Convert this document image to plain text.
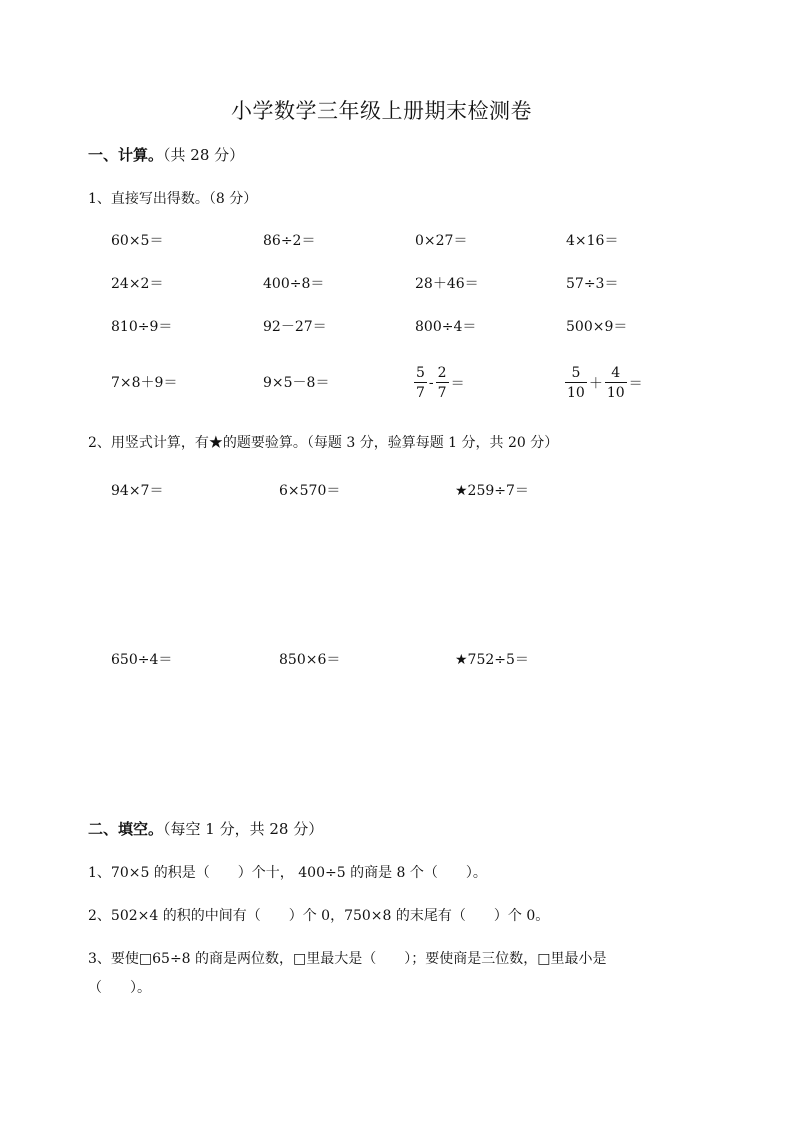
小学数学三年级上册期末检测卷
一、计算。（共 28 分）
1、直接写出得数。（8 分）
60×5＝	86÷2＝	0×27＝	4×16＝
24×2＝	400÷8＝	28＋46＝	57÷3＝
810÷9＝	92－27＝	800÷4＝	500×9＝
7×8＋9＝	9×5－8＝	$\frac{5}{7} - \frac{2}{7}$ ＝	$\frac{5}{10} + \frac{4}{10}$ ＝
2、用竖式计算，有★的题要验算。（每题 3 分，验算每题 1 分，共 20 分）
94×7＝	6×570＝	★259÷7＝
650÷4＝	850×6＝	★752÷5＝
二、填空。（每空 1 分，共 28 分）
1、70×5 的积是（　　）个十， 400÷5 的商是 8 个（　　）。
2、502×4 的积的中间有（　　）个 0，750×8 的末尾有（　　）个 0。
3、要使□65÷8 的商是两位数，□里最大是（　　）；要使商是三位数，□里最小是
（　　）。
